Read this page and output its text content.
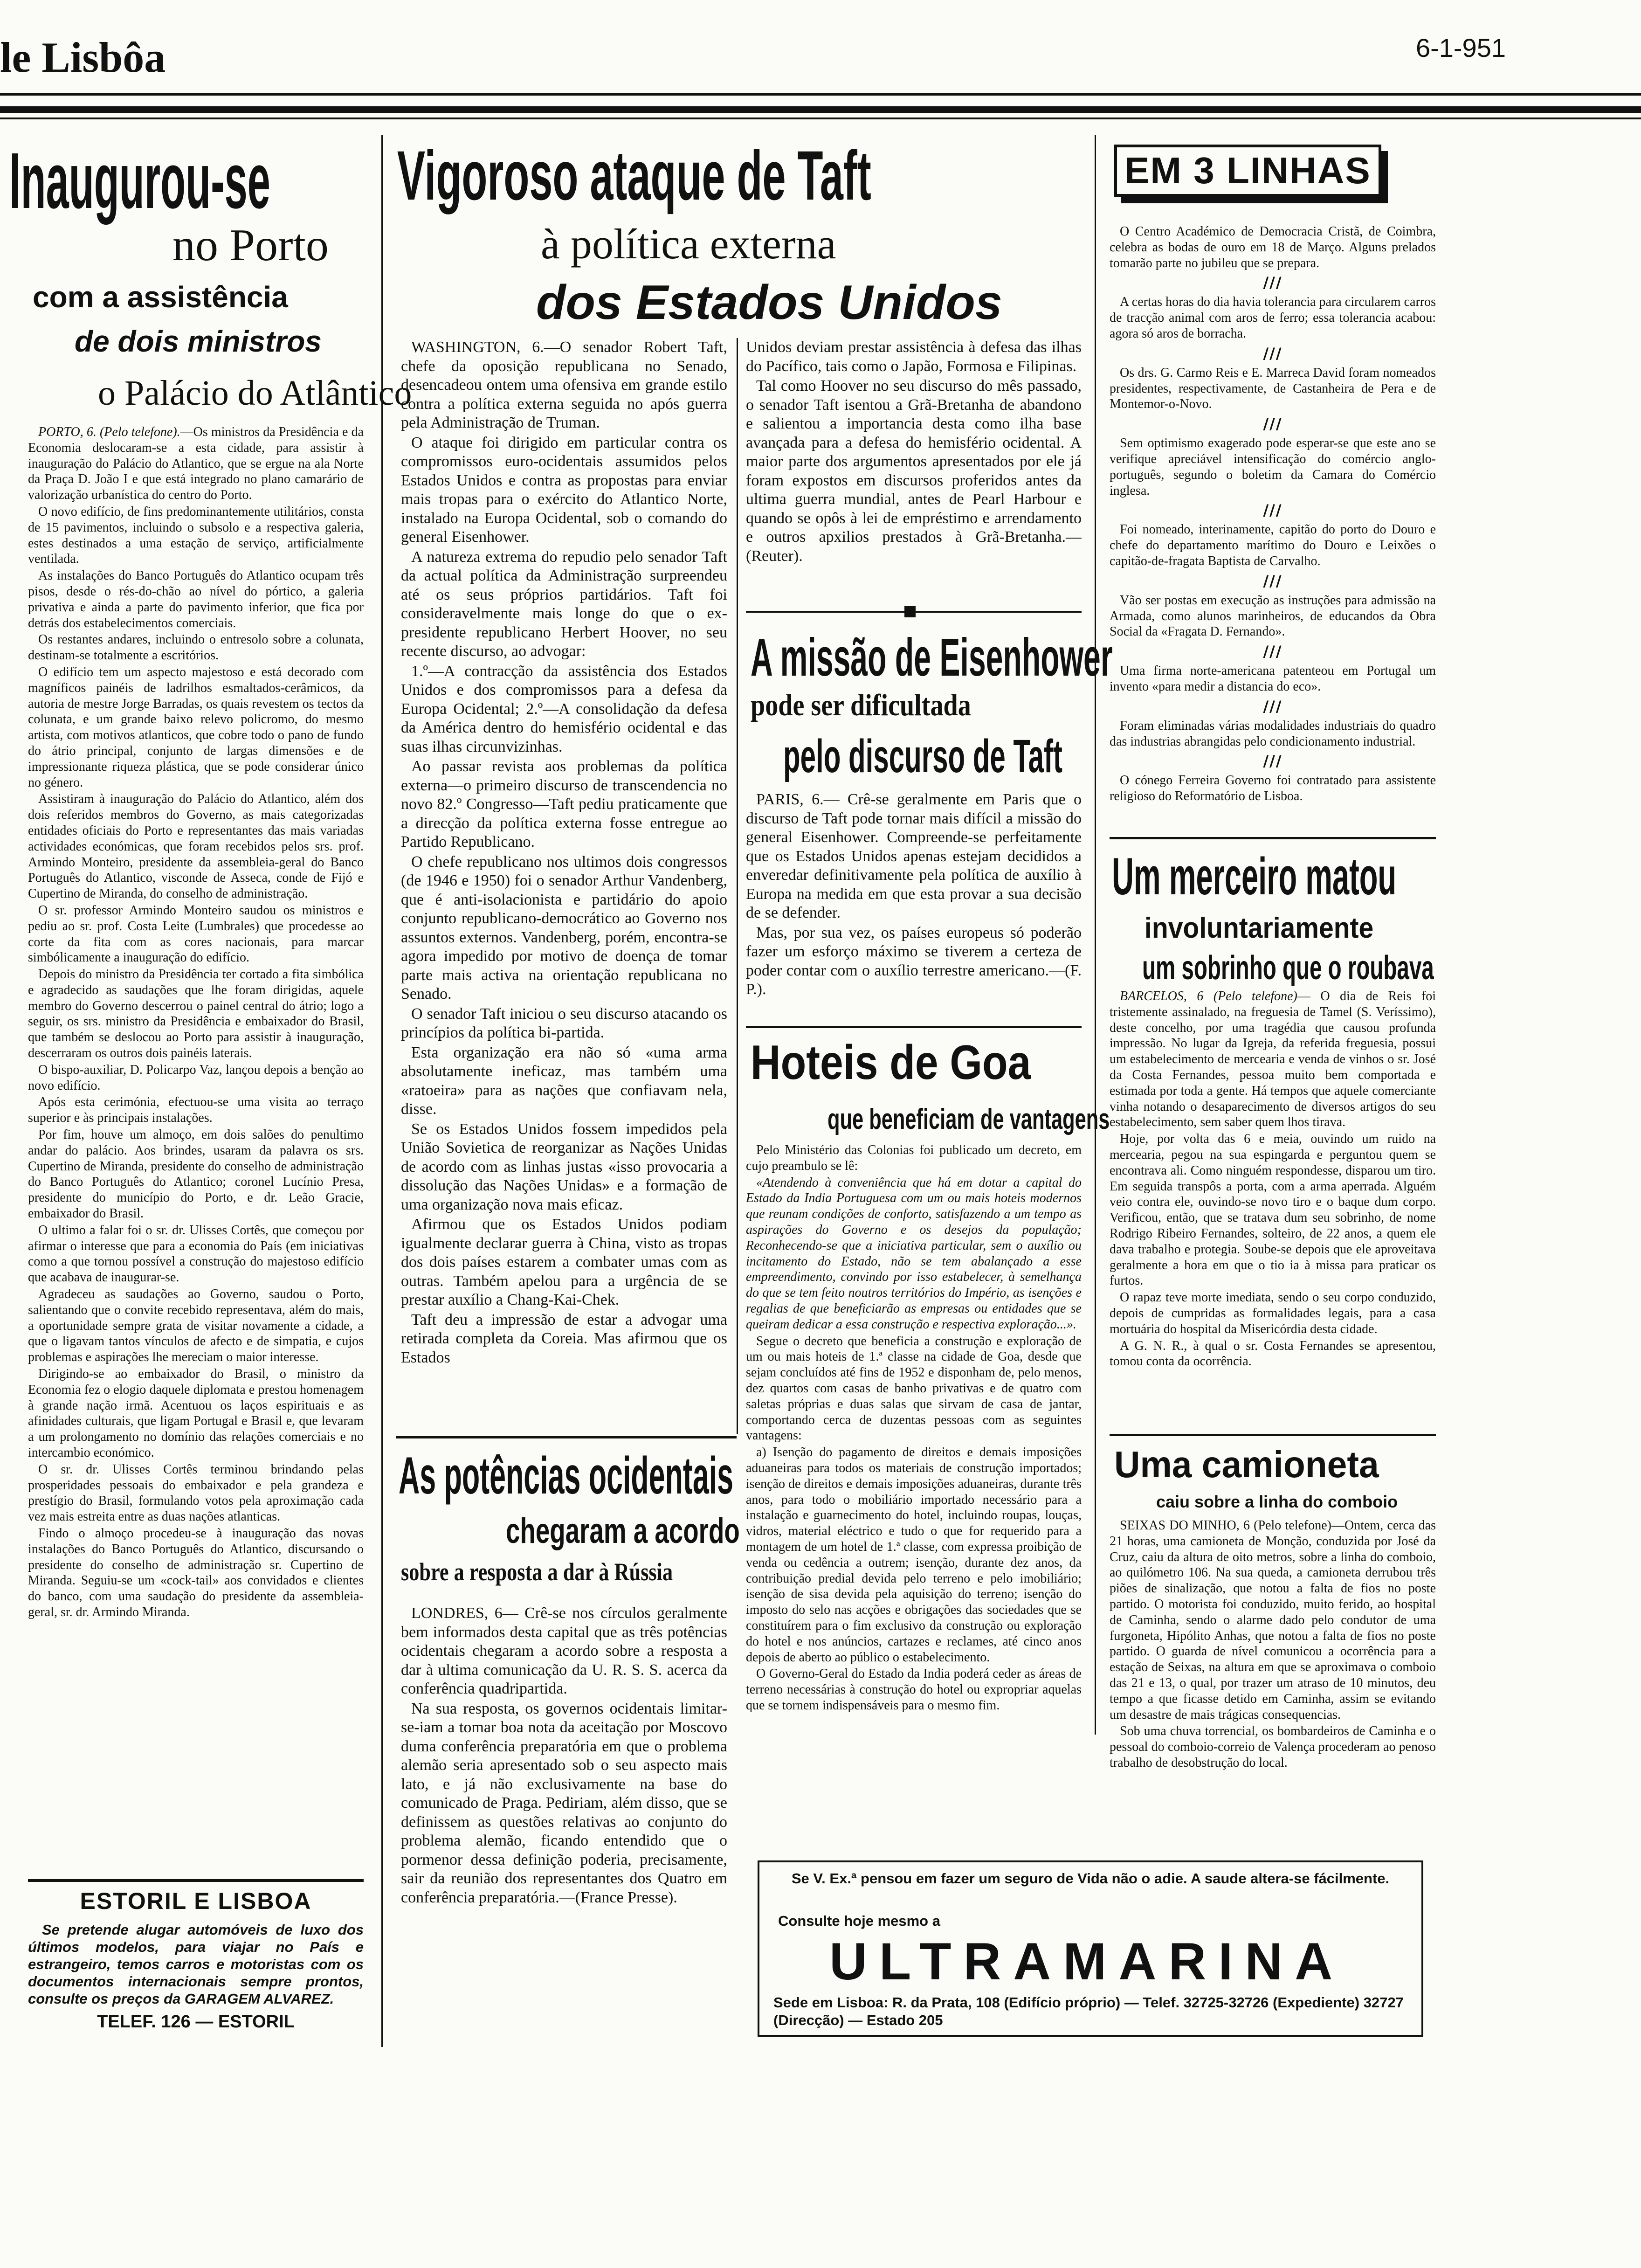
le Lisbôa	6-1-951
Inaugurou-se
no Porto
com a assistência
de dois ministros
o Palácio do Atlântico

PORTO, 6. (Pelo telefone).—Os ministros da Presidência e da Economia deslocaram-se a esta cidade, para assistir à inauguração do Palácio do Atlantico, que se ergue na ala Norte da Praça D. João I e que está integrado no plano camarário de valorização urbanística do centro do Porto.

O novo edifício, de fins predominantemente utilitários, consta de 15 pavimentos, incluindo o subsolo e a respectiva galeria, estes destinados a uma estação de serviço, artificialmente ventilada.

As instalações do Banco Português do Atlantico ocupam três pisos, desde o rés-do-chão ao nível do pórtico, a galeria privativa e ainda a parte do pavimento inferior, que fica por detrás dos estabelecimentos comerciais.

Os restantes andares, incluindo o entresolo sobre a colunata, destinam-se totalmente a escritórios.

O edifício tem um aspecto majestoso e está decorado com magníficos painéis de ladrilhos esmaltados-cerâmicos, da autoria de mestre Jorge Barradas, os quais revestem os tectos da colunata, e um grande baixo relevo policromo, do mesmo artista, com motivos atlanticos, que cobre todo o pano de fundo do átrio principal, conjunto de largas dimensões e de impressionante riqueza plástica, que se pode considerar único no género.

Assistiram à inauguração do Palácio do Atlantico, além dos dois referidos membros do Governo, as mais categorizadas entidades oficiais do Porto e representantes das mais variadas actividades económicas, que foram recebidos pelos srs. prof. Armindo Monteiro, presidente da assembleia-geral do Banco Português do Atlantico, visconde de Asseca, conde de Fijó e Cupertino de Miranda, do conselho de administração.

O sr. professor Armindo Monteiro saudou os ministros e pediu ao sr. prof. Costa Leite (Lumbrales) que procedesse ao corte da fita com as cores nacionais, para marcar simbólicamente a inauguração do edifício.

Depois do ministro da Presidência ter cortado a fita simbólica e agradecido as saudações que lhe foram dirigidas, aquele membro do Governo descerrou o painel central do átrio; logo a seguir, os srs. ministro da Presidência e embaixador do Brasil, que também se deslocou ao Porto para assistir à inauguração, descerraram os outros dois painéis laterais.

O bispo-auxiliar, D. Policarpo Vaz, lançou depois a benção ao novo edifício.

Após esta cerimónia, efectuou-se uma visita ao terraço superior e às principais instalações.

Por fim, houve um almoço, em dois salões do penultimo andar do palácio. Aos brindes, usaram da palavra os srs. Cupertino de Miranda, presidente do conselho de administração do Banco Português do Atlantico; coronel Lucínio Presa, presidente do município do Porto, e dr. Leão Gracie, embaixador do Brasil.

O ultimo a falar foi o sr. dr. Ulisses Cortês, que começou por afirmar o interesse que para a economia do País (em iniciativas como a que tornou possível a construção do majestoso edifício que acabava de inaugurar-se.

Agradeceu as saudações ao Governo, saudou o Porto, salientando que o convite recebido representava, além do mais, a oportunidade sempre grata de visitar novamente a cidade, a que o ligavam tantos vínculos de afecto e de simpatia, e cujos problemas e aspirações lhe mereciam o maior interesse.

Dirigindo-se ao embaixador do Brasil, o ministro da Economia fez o elogio daquele diplomata e prestou homenagem à grande nação irmã. Acentuou os laços espirituais e as afinidades culturais, que ligam Portugal e Brasil e, que levaram a um prolongamento no domínio das relações comerciais e no intercambio económico.

O sr. dr. Ulisses Cortês terminou brindando pelas prosperidades pessoais do embaixador e pela grandeza e prestígio do Brasil, formulando votos pela aproximação cada vez mais estreita entre as duas nações atlanticas.

Findo o almoço procedeu-se à inauguração das novas instalações do Banco Português do Atlantico, discursando o presidente do conselho de administração sr. Cupertino de Miranda. Seguiu-se um «cock-tail» aos convidados e clientes do banco, com uma saudação do presidente da assembleia-geral, sr. dr. Armindo Miranda.

ESTORIL E LISBOA
Se pretende alugar automóveis de luxo dos últimos modelos, para viajar no País e estrangeiro, temos carros e motoristas com os documentos internacionais sempre prontos, consulte os preços da GARAGEM ALVAREZ.
TELEF. 126 — ESTORIL
Vigoroso ataque de Taft
à política externa
dos Estados Unidos

WASHINGTON, 6.—O senador Robert Taft, chefe da oposição republicana no Senado, desencadeou ontem uma ofensiva em grande estilo contra a política externa seguida no após guerra pela Administração de Truman.

O ataque foi dirigido em particular contra os compromissos euro-ocidentais assumidos pelos Estados Unidos e contra as propostas para enviar mais tropas para o exército do Atlantico Norte, instalado na Europa Ocidental, sob o comando do general Eisenhower.

A natureza extrema do repudio pelo senador Taft da actual política da Administração surpreendeu até os seus próprios partidários. Taft foi consideravelmente mais longe do que o ex-presidente republicano Herbert Hoover, no seu recente discurso, ao advogar:

1.º—A contracção da assistência dos Estados Unidos e dos compromissos para a defesa da Europa Ocidental; 2.º—A consolidação da defesa da América dentro do hemisfério ocidental e das suas ilhas circunvizinhas.

Ao passar revista aos problemas da política externa—o primeiro discurso de transcendencia no novo 82.º Congresso—Taft pediu praticamente que a direcção da política externa fosse entregue ao Partido Republicano.

O chefe republicano nos ultimos dois congressos (de 1946 e 1950) foi o senador Arthur Vandenberg, que é anti-isolacionista e partidário do apoio conjunto republicano-democrático ao Governo nos assuntos externos. Vandenberg, porém, encontra-se agora impedido por motivo de doença de tomar parte mais activa na orientação republicana no Senado.

O senador Taft iniciou o seu discurso atacando os princípios da política bi-partida.

Esta organização era não só «uma arma absolutamente ineficaz, mas também uma «ratoeira» para as nações que confiavam nela, disse.

Se os Estados Unidos fossem impedidos pela União Sovietica de reorganizar as Nações Unidas de acordo com as linhas justas «isso provocaria a dissolução das Nações Unidas» e a formação de uma organização nova mais eficaz.

Afirmou que os Estados Unidos podiam igualmente declarar guerra à China, visto as tropas dos dois países estarem a combater umas com as outras. Também apelou para a urgência de se prestar auxílio a Chang-Kai-Chek.

Taft deu a impressão de estar a advogar uma retirada completa da Coreia. Mas afirmou que os Estados

Unidos deviam prestar assistência à defesa das ilhas do Pacífico, tais como o Japão, Formosa e Filipinas.

Tal como Hoover no seu discurso do mês passado, o senador Taft isentou a Grã-Bretanha de abandono e salientou a importancia desta como ilha base avançada para a defesa do hemisfério ocidental. A maior parte dos argumentos apresentados por ele já foram expostos em discursos proferidos antes da ultima guerra mundial, antes de Pearl Harbour e quando se opôs à lei de empréstimo e arrendamento e outros apxilios prestados à Grã-Bretanha.—(Reuter).

A missão de Eisenhower
pode ser dificultada
pelo discurso de Taft

PARIS, 6.— Crê-se geralmente em Paris que o discurso de Taft pode tornar mais difícil a missão do general Eisenhower. Compreende-se perfeitamente que os Estados Unidos apenas estejam decididos a enveredar definitivamente pela política de auxílio à Europa na medida em que esta provar a sua decisão de se defender.

Mas, por sua vez, os países europeus só poderão fazer um esforço máximo se tiverem a certeza de poder contar com o auxílio terrestre americano.—(F. P.).

Hoteis de Goa
que beneficiam de vantagens

Pelo Ministério das Colonias foi publicado um decreto, em cujo preambulo se lê:

«Atendendo à conveniência que há em dotar a capital do Estado da India Portuguesa com um ou mais hoteis modernos que reunam condições de conforto, satisfazendo a um tempo as aspirações do Governo e os desejos da população; Reconhecendo-se que a iniciativa particular, sem o auxílio ou incitamento do Estado, não se tem abalançado a esse empreendimento, convindo por isso estabelecer, à semelhança do que se tem feito noutros territórios do Império, as isenções e regalias de que beneficiarão as empresas ou entidades que se queiram dedicar a essa construção e respectiva exploração...».

Segue o decreto que beneficia a construção e exploração de um ou mais hoteis de 1.ª classe na cidade de Goa, desde que sejam concluídos até fins de 1952 e disponham de, pelo menos, dez quartos com casas de banho privativas e de quatro com saletas próprias e duas salas que sirvam de casa de jantar, comportando cerca de duzentas pessoas com as seguintes vantagens:

a) Isenção do pagamento de direitos e demais imposições aduaneiras para todos os materiais de construção importados; isenção de direitos e demais imposições aduaneiras, durante três anos, para todo o mobiliário importado necessário para a instalação e guarnecimento do hotel, incluindo roupas, louças, vidros, material eléctrico e tudo o que for requerido para a montagem de um hotel de 1.ª classe, com expressa proibição de venda ou cedência a outrem; isenção, durante dez anos, da contribuição predial devida pelo terreno e pelo imobiliário; isenção de sisa devida pela aquisição do terreno; isenção do imposto do selo nas acções e obrigações das sociedades que se constituírem para o fim exclusivo da construção ou exploração do hotel e nos anúncios, cartazes e reclames, até cinco anos depois de aberto ao público o estabelecimento.

O Governo-Geral do Estado da India poderá ceder as áreas de terreno necessárias à construção do hotel ou expropriar aquelas que se tornem indispensáveis para o mesmo fim.

As potências ocidentais
chegaram a acordo
sobre a resposta a dar à Rússia

LONDRES, 6— Crê-se nos círculos geralmente bem informados desta capital que as três potências ocidentais chegaram a acordo sobre a resposta a dar à ultima comunicação da U. R. S. S. acerca da conferência quadripartida.

Na sua resposta, os governos ocidentais limitar-se-iam a tomar boa nota da aceitação por Moscovo duma conferência preparatória em que o problema alemão seria apresentado sob o seu aspecto mais lato, e já não exclusivamente na base do comunicado de Praga. Pediriam, além disso, que se definissem as questões relativas ao conjunto do problema alemão, ficando entendido que o pormenor dessa definição poderia, precisamente, sair da reunião dos representantes dos Quatro em conferência preparatória.—(France Presse).

EM 3 LINHAS

O Centro Académico de Democracia Cristã, de Coimbra, celebra as bodas de ouro em 18 de Março. Alguns prelados tomarão parte no jubileu que se prepara.

///

A certas horas do dia havia tolerancia para circularem carros de tracção animal com aros de ferro; essa tolerancia acabou: agora só aros de borracha.

///

Os drs. G. Carmo Reis e E. Marreca David foram nomeados presidentes, respectivamente, de Castanheira de Pera e de Montemor-o-Novo.

///

Sem optimismo exagerado pode esperar-se que este ano se verifique apreciável intensificação do comércio anglo-português, segundo o boletim da Camara do Comércio inglesa.

///

Foi nomeado, interinamente, capitão do porto do Douro e chefe do departamento marítimo do Douro e Leixões o capitão-de-fragata Baptista de Carvalho.

///

Vão ser postas em execução as instruções para admissão na Armada, como alunos marinheiros, de educandos da Obra Social da «Fragata D. Fernando».

///

Uma firma norte-americana patenteou em Portugal um invento «para medir a distancia do eco».

///

Foram eliminadas várias modalidades industriais do quadro das industrias abrangidas pelo condicionamento industrial.

///

O cónego Ferreira Governo foi contratado para assistente religioso do Reformatório de Lisboa.

Um merceiro matou
involuntariamente
um sobrinho que o roubava

BARCELOS, 6 (Pelo telefone)— O dia de Reis foi tristemente assinalado, na freguesia de Tamel (S. Veríssimo), deste concelho, por uma tragédia que causou profunda impressão. No lugar da Igreja, da referida freguesia, possui um estabelecimento de mercearia e venda de vinhos o sr. José da Costa Fernandes, pessoa muito bem comportada e estimada por toda a gente. Há tempos que aquele comerciante vinha notando o desaparecimento de diversos artigos do seu estabelecimento, sem saber quem lhos tirava.

Hoje, por volta das 6 e meia, ouvindo um ruido na mercearia, pegou na sua espingarda e perguntou quem se encontrava ali. Como ninguém respondesse, disparou um tiro. Em seguida transpôs a porta, com a arma aperrada. Alguém veio contra ele, ouvindo-se novo tiro e o baque dum corpo. Verificou, então, que se tratava dum seu sobrinho, de nome Rodrigo Ribeiro Fernandes, solteiro, de 22 anos, a quem ele dava trabalho e protegia. Soube-se depois que ele aproveitava geralmente a hora em que o tio ia à missa para praticar os furtos.

O rapaz teve morte imediata, sendo o seu corpo conduzido, depois de cumpridas as formalidades legais, para a casa mortuária do hospital da Misericórdia desta cidade.

A G. N. R., à qual o sr. Costa Fernandes se apresentou, tomou conta da ocorrência.

Uma camioneta
caiu sobre a linha do comboio

SEIXAS DO MINHO, 6 (Pelo telefone)—Ontem, cerca das 21 horas, uma camioneta de Monção, conduzida por José da Cruz, caiu da altura de oito metros, sobre a linha do comboio, ao quilómetro 106. Na sua queda, a camioneta derrubou três piões de sinalização, que notou a falta de fios no poste partido. O motorista foi conduzido, muito ferido, ao hospital de Caminha, sendo o alarme dado pelo condutor de uma furgoneta, Hipólito Anhas, que notou a falta de fios no poste partido. O guarda de nível comunicou a ocorrência para a estação de Seixas, na altura em que se aproximava o comboio das 21 e 13, o qual, por trazer um atraso de 10 minutos, deu tempo a que ficasse detido em Caminha, assim se evitando um desastre de mais trágicas consequencias.

Sob uma chuva torrencial, os bombardeiros de Caminha e o pessoal do comboio-correio de Valença procederam ao penoso trabalho de desobstrução do local.

Se V. Ex.ª pensou em fazer um seguro de Vida não o adie. A saude altera-se fácilmente.
Consulte hoje mesmo a
ULTRAMARINA
Sede em Lisboa: R. da Prata, 108 (Edifício próprio) — Telef. 32725-32726 (Expediente) 32727 (Direcção) — Estado 205
